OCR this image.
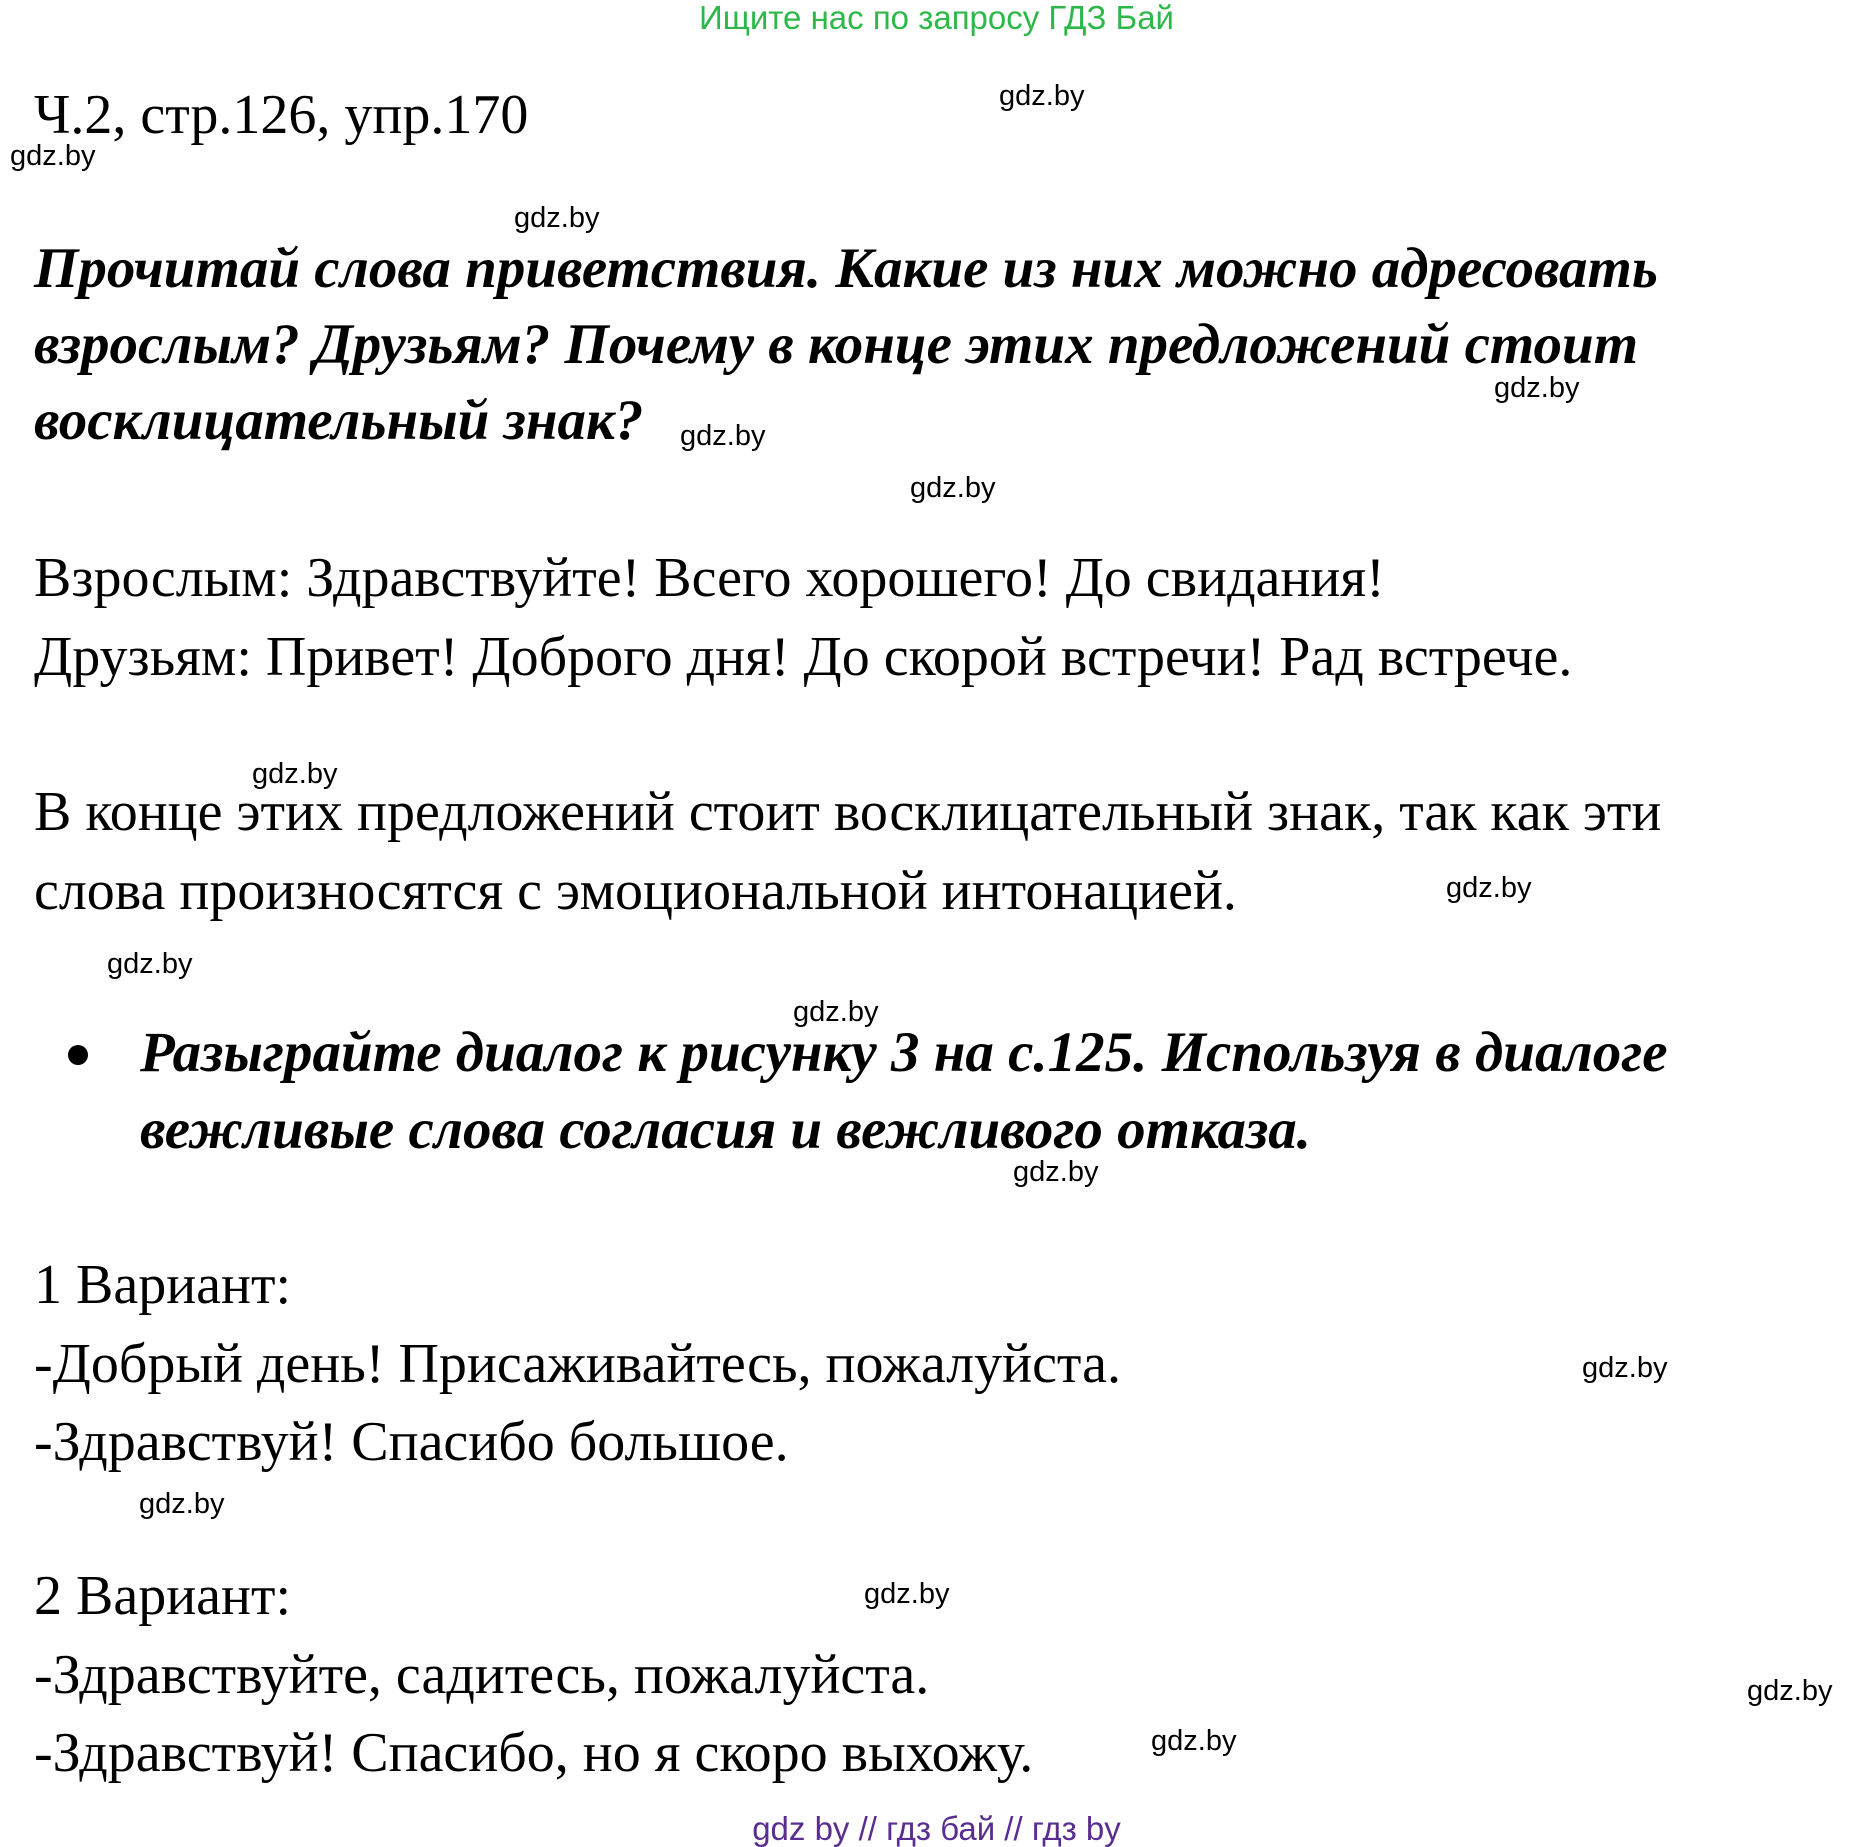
Ищите нас по запросу ГДЗ Бай
Ч.2, стр.126, упр.170
Прочитай слова приветствия. Какие из них можно адресовать
взрослым? Друзьям? Почему в конце этих предложений стоит
восклицательный знак?
Взрослым: Здравствуйте! Всего хорошего! До свидания!
Друзьям: Привет! Доброго дня! До скорой встречи! Рад встрече.
В конце этих предложений стоит восклицательный знак, так как эти
слова произносятся с эмоциональной интонацией.
Разыграйте диалог к рисунку 3 на с.125. Используя в диалоге
вежливые слова согласия и вежливого отказа.
1 Вариант:
-Добрый день! Присаживайтесь, пожалуйста.
-Здравствуй! Спасибо большое.
2 Вариант:
-Здравствуйте, садитесь, пожалуйста.
-Здравствуй! Спасибо, но я скоро выхожу.
gdz.by
gdz.by
gdz.by
gdz.by
gdz.by
gdz.by
gdz.by
gdz.by
gdz.by
gdz.by
gdz.by
gdz.by
gdz.by
gdz.by
gdz.by
gdz.by
gdz by // гдз бай // гдз by
